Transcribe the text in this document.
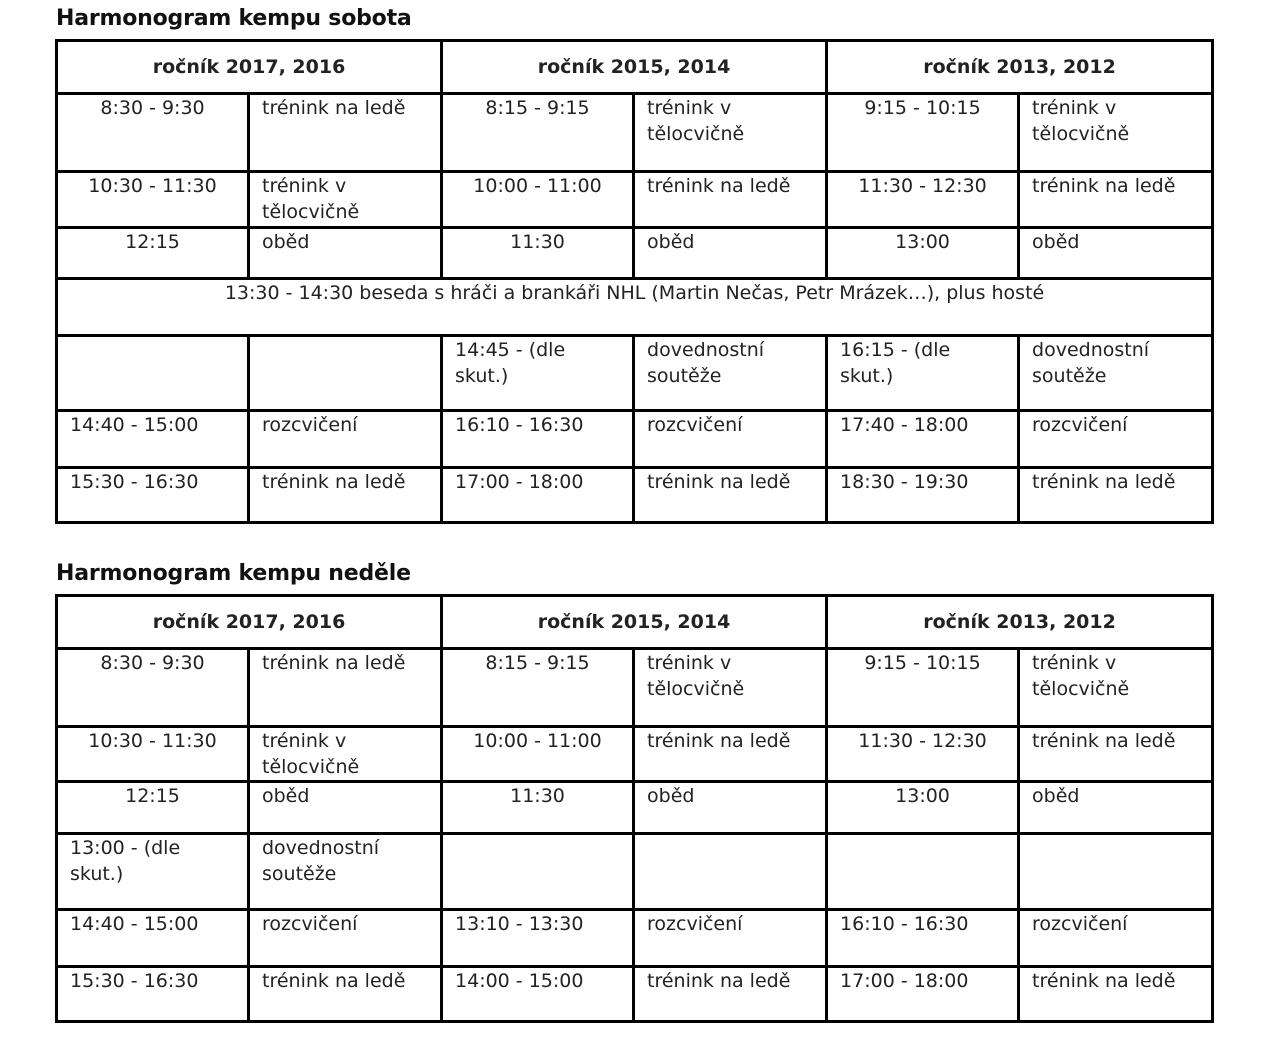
Harmonogram kempu sobota
ročník 2017, 2016		ročník 2015, 2014		ročník 2013, 2012	
8:30 - 9:30	trénink na ledě	8:15 - 9:15	trénink v tělocvičně	9:15 - 10:15	trénink v tělocvičně
10:30 - 11:30	trénink v tělocvičně	10:00 - 11:00	trénink na ledě	11:30 - 12:30	trénink na ledě
12:15	oběd	11:30	oběd	13:00	oběd
13:30 - 14:30 beseda s hráči a brankáři NHL (Martin Nečas, Petr Mrázek…), plus hosté					
		14:45 - (dle skut.)	dovednostní soutěže	16:15 - (dle skut.)	dovednostní soutěže
14:40 - 15:00	rozcvičení	16:10 - 16:30	rozcvičení	17:40 - 18:00	rozcvičení
15:30 - 16:30	trénink na ledě	17:00 - 18:00	trénink na ledě	18:30 - 19:30	trénink na ledě
Harmonogram kempu neděle
ročník 2017, 2016		ročník 2015, 2014		ročník 2013, 2012	
8:30 - 9:30	trénink na ledě	8:15 - 9:15	trénink v tělocvičně	9:15 - 10:15	trénink v tělocvičně
10:30 - 11:30	trénink v tělocvičně	10:00 - 11:00	trénink na ledě	11:30 - 12:30	trénink na ledě
12:15	oběd	11:30	oběd	13:00	oběd
13:00 - (dle skut.)	dovednostní soutěže				
14:40 - 15:00	rozcvičení	13:10 - 13:30	rozcvičení	16:10 - 16:30	rozcvičení
15:30 - 16:30	trénink na ledě	14:00 - 15:00	trénink na ledě	17:00 - 18:00	trénink na ledě
